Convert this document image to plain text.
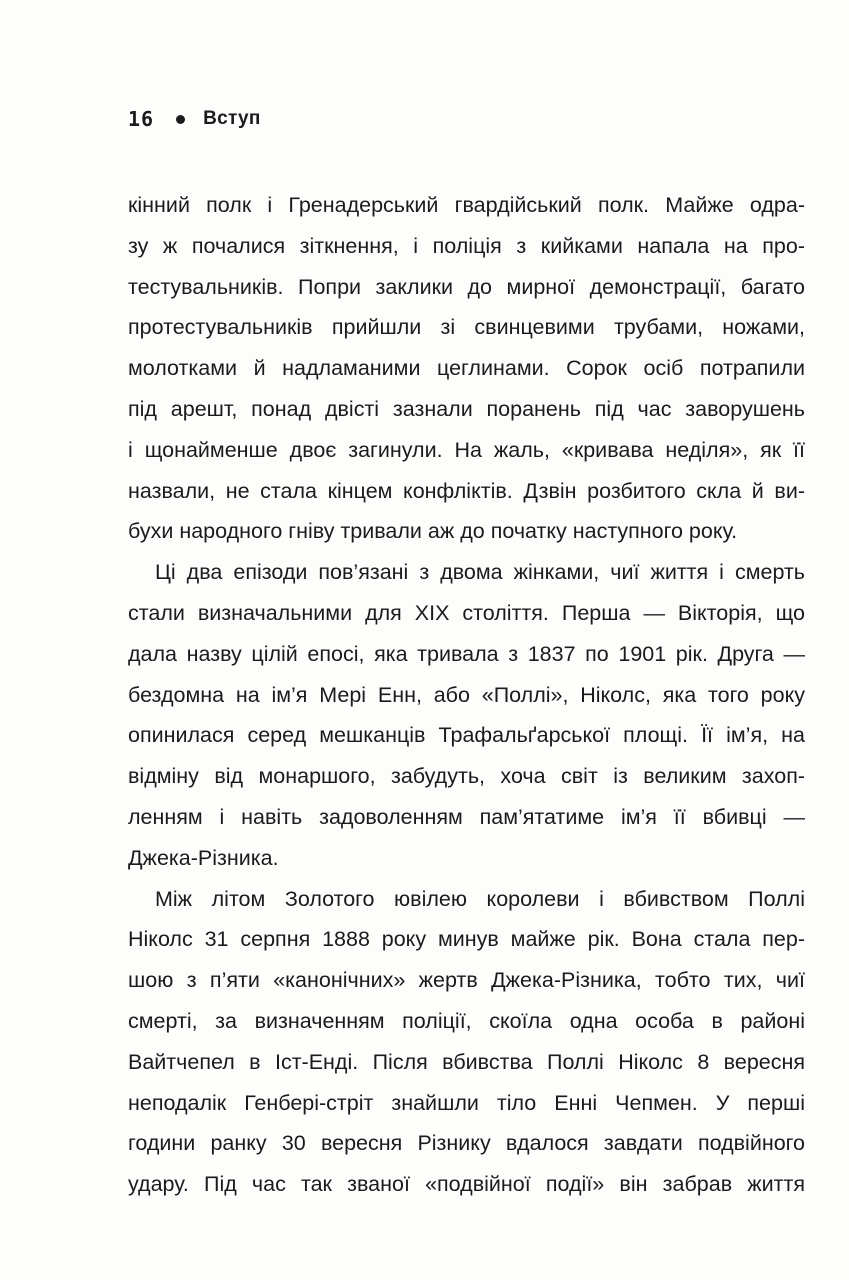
16	Вступ
кінний полк і Гренадерський гвардійський полк. Майже одра-
зу ж почалися зіткнення, і поліція з кийками напала на про-
тестувальників. Попри заклики до мирної демонстрації, багато
протестувальників прийшли зі свинцевими трубами, ножами,
молотками й надламаними цеглинами. Сорок осіб потрапили
під арешт, понад двісті зазнали поранень під час заворушень
і щонайменше двоє загинули. На жаль, «кривава неділя», як її
назвали, не стала кінцем конфліктів. Дзвін розбитого скла й ви-
бухи народного гніву тривали аж до початку наступного року.
Ці два епізоди пов’язані з двома жінками, чиї життя і смерть
стали визначальними для XIX століття. Перша — Вікторія, що
дала назву цілій епосі, яка тривала з 1837 по 1901 рік. Друга —
бездомна на ім’я Мері Енн, або «Поллі», Ніколс, яка того року
опинилася серед мешканців Трафальґарської площі. Її ім’я, на
відміну від монаршого, забудуть, хоча світ із великим захоп-
ленням і навіть задоволенням пам’ятатиме ім’я її вбивці —
Джека-Різника.
Між літом Золотого ювілею королеви і вбивством Поллі
Ніколс 31 серпня 1888 року минув майже рік. Вона стала пер-
шою з п’яти «канонічних» жертв Джека-Різника, тобто тих, чиї
смерті, за визначенням поліції, скоїла одна особа в районі
Вайтчепел в Іст-Енді. Після вбивства Поллі Ніколс 8 вересня
неподалік Генбері-стріт знайшли тіло Енні Чепмен. У перші
години ранку 30 вересня Різнику вдалося завдати подвійного
удару. Під час так званої «подвійної події» він забрав життя
